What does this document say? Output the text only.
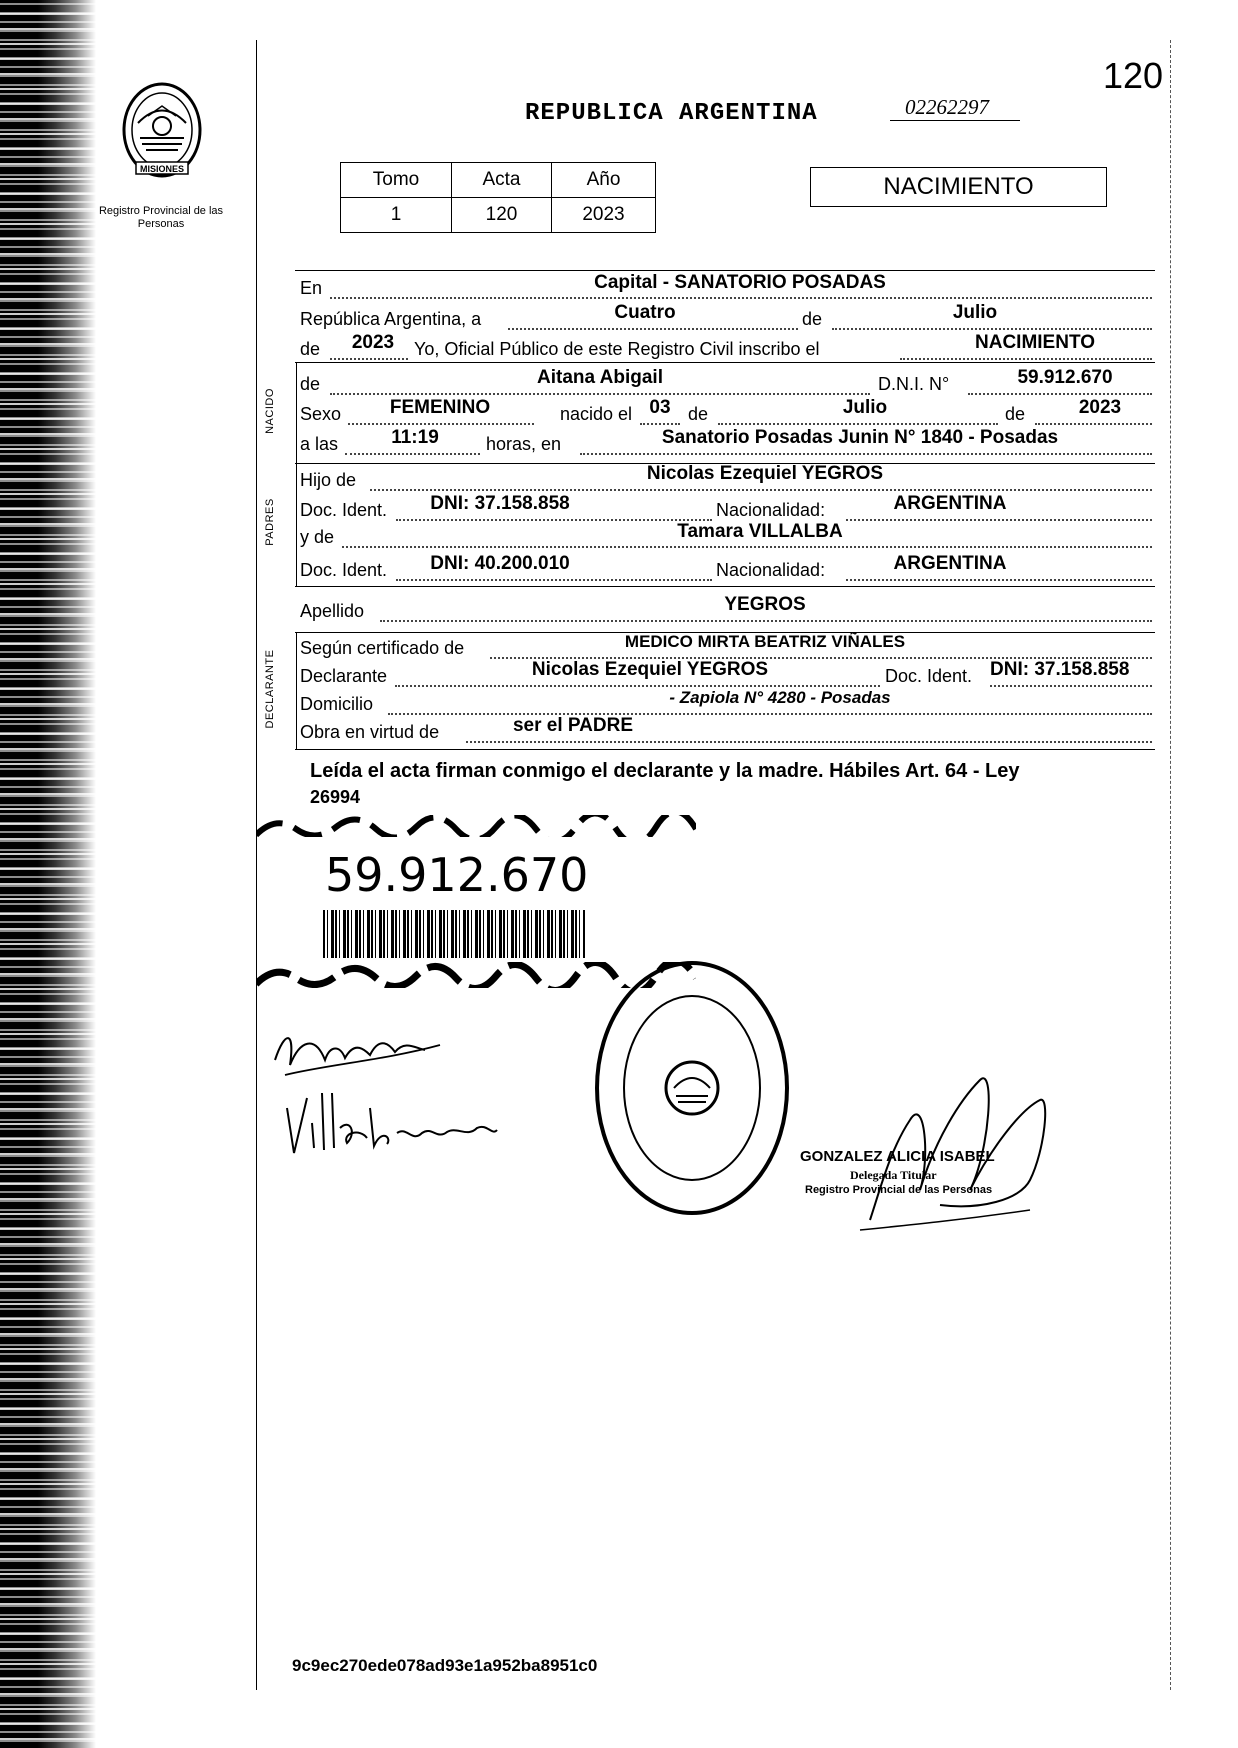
MISIONES
Registro Provincial de las Personas
120
REPUBLICA ARGENTINA	02262297
Tomo	Acta	Año
1	120	2023
NACIMIENTO
NACIDO
PADRES
DECLARANTE
En	Capital - SANATORIO POSADAS
República Argentina, a	Cuatro	de	Julio
de	2023	Yo, Oficial Público de este Registro Civil inscribo el	NACIMIENTO
de	Aitana Abigail	D.N.I. N°	59.912.670
Sexo	FEMENINO	nacido el 03 de	Julio	de	2023
a las	11:19	horas, en	Sanatorio Posadas Junin N° 1840 - Posadas
Hijo de	Nicolas Ezequiel YEGROS
Doc. Ident.	DNI: 37.158.858	Nacionalidad:	ARGENTINA
y de	Tamara VILLALBA
Doc. Ident.	DNI: 40.200.010	Nacionalidad:	ARGENTINA
Apellido	YEGROS
Según certificado de	MEDICO MIRTA BEATRIZ VIÑALES
Declarante	Nicolas Ezequiel YEGROS	Doc. Ident. DNI: 37.158.858
Domicilio	- Zapiola N° 4280 - Posadas
Obra en virtud de	ser el PADRE
Leída el acta firman conmigo el declarante y la madre. Hábiles Art. 64 - Ley
26994
59.912.670
GONZALEZ ALICIA ISABEL
Delegada Titular
Registro Provincial de las Personas
9c9ec270ede078ad93e1a952ba8951c0
